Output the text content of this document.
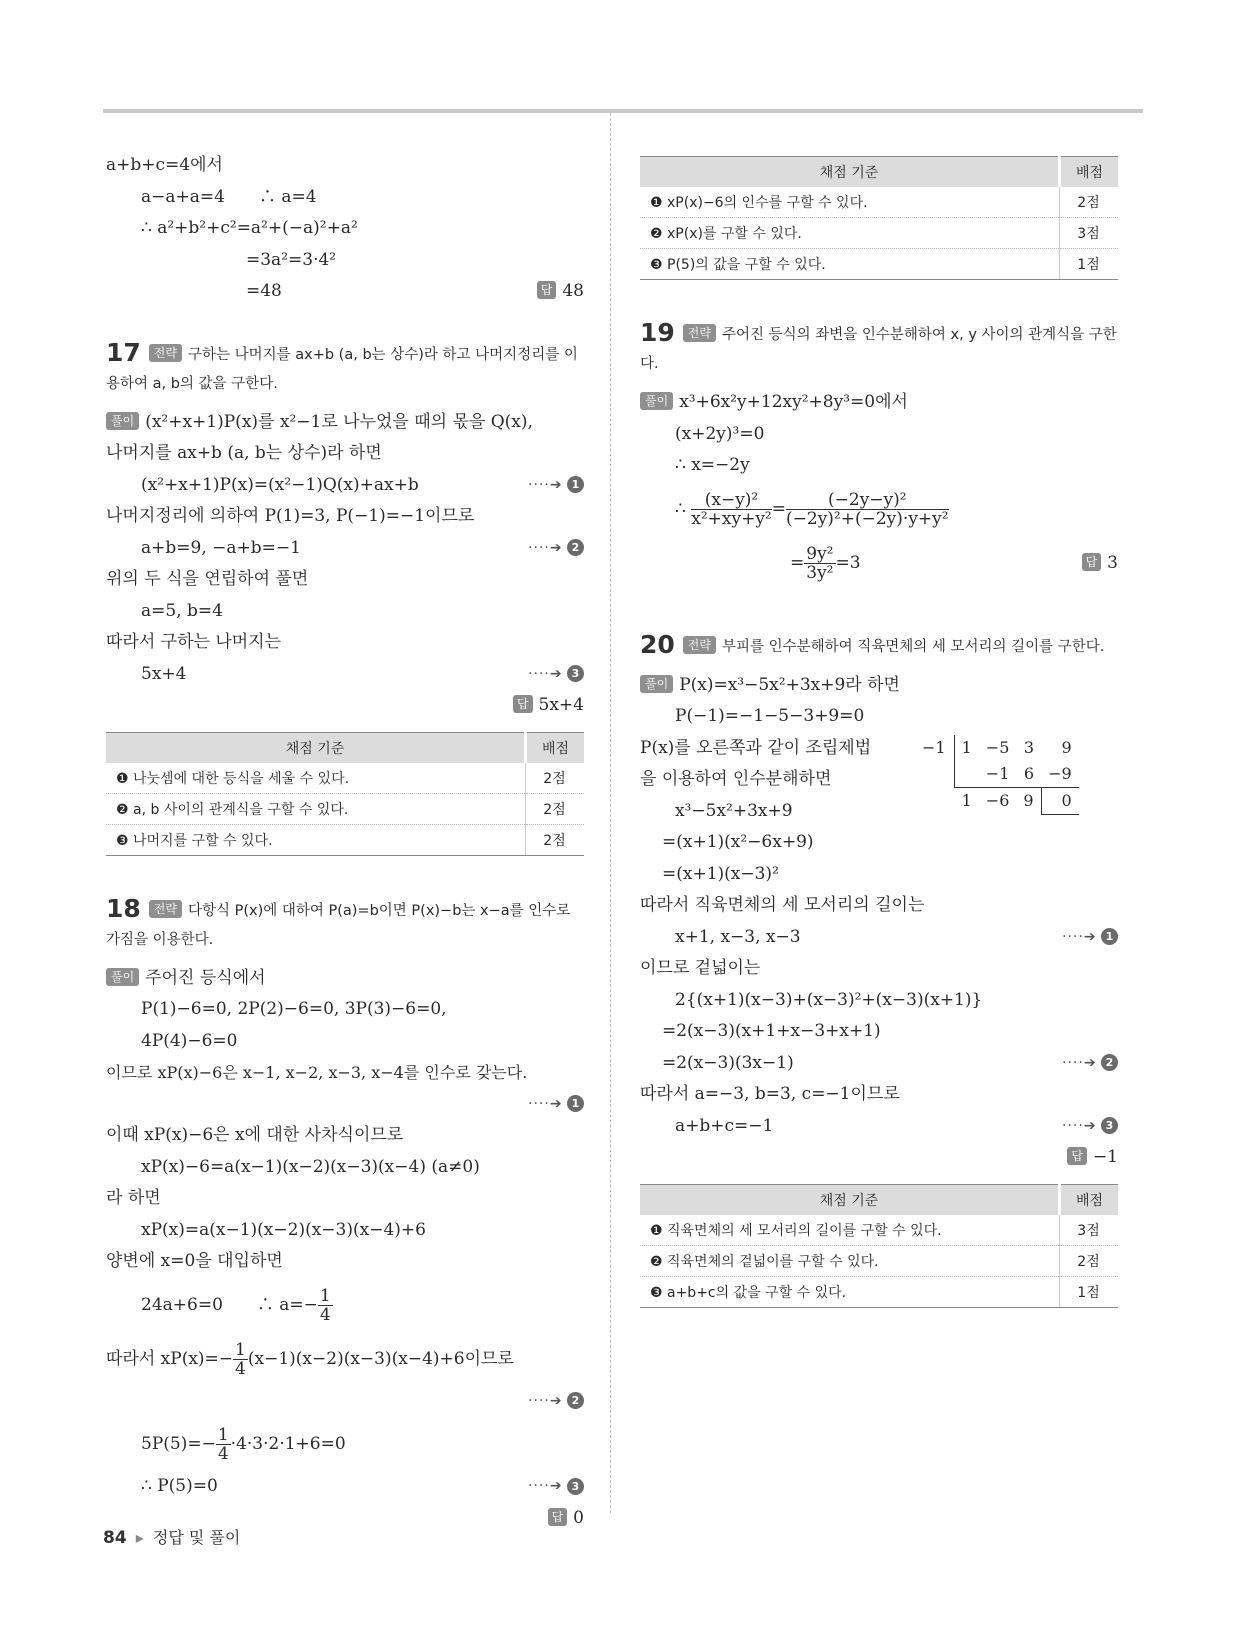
a+b+c=4에서
a−a+a=4　　∴ a=4
∴ a²+b²+c²=a²+(−a)²+a²
=3a²=3·4²
=48	답 48
17 전략 구하는 나머지를 ax+b (a, b는 상수)라 하고 나머지정리를 이용하여 a, b의 값을 구한다.
풀이 (x²+x+1)P(x)를 x²−1로 나누었을 때의 몫을 Q(x),
나머지를 ax+b (a, b는 상수)라 하면
(x²+x+1)P(x)=(x²−1)Q(x)+ax+b	····➔ 1
나머지정리에 의하여 P(1)=3, P(−1)=−1이므로
a+b=9, −a+b=−1	····➔ 2
위의 두 식을 연립하여 풀면
a=5, b=4
따라서 구하는 나머지는
5x+4	····➔ 3
답 5x+4
채점 기준	배점
❶ 나눗셈에 대한 등식을 세울 수 있다.	2점
❷ a, b 사이의 관계식을 구할 수 있다.	2점
❸ 나머지를 구할 수 있다.	2점
18 전략 다항식 P(x)에 대하여 P(a)=b이면 P(x)−b는 x−a를 인수로 가짐을 이용한다.
풀이 주어진 등식에서
P(1)−6=0, 2P(2)−6=0, 3P(3)−6=0,
4P(4)−6=0
이므로 xP(x)−6은 x−1, x−2, x−3, x−4를 인수로 갖는다.
····➔ 1
이때 xP(x)−6은 x에 대한 사차식이므로
xP(x)−6=a(x−1)(x−2)(x−3)(x−4) (a≠0)
라 하면
xP(x)=a(x−1)(x−2)(x−3)(x−4)+6
양변에 x=0을 대입하면
24a+6=0　　∴ $a=- \frac{1}{4}$
따라서 $xP(x)=- \frac{1}{4} (x-1)(x-2)(x-3)(x-4)+6$이므로
····➔ 2
$5P(5)=- \frac{1}{4} \cdot 4\cdot 3\cdot 2\cdot 1+6=0$
∴ P(5)=0	····➔ 3
답 0
채점 기준	배점
❶ xP(x)−6의 인수를 구할 수 있다.	2점
❷ xP(x)를 구할 수 있다.	3점
❸ P(5)의 값을 구할 수 있다.	1점
19 전략 주어진 등식의 좌변을 인수분해하여 x, y 사이의 관계식을 구한다.
풀이 x³+6x²y+12xy²+8y³=0에서
(x+2y)³=0
∴ x=−2y
∴ $\frac{\text{(x−y)²}}{\text{x²+xy+y²}} = \frac{\text{(−2y−y)²}}{\text{(−2y)²+(−2y)·y+y²}}$
= $\frac{\text{9y²}}{\text{3y²}} =3$	답 3
20 전략 부피를 인수분해하여 직육면체의 세 모서리의 길이를 구한다.
풀이 P(x)=x³−5x²+3x+9라 하면
P(−1)=−1−5−3+9=0
P(x)를 오른쪽과 같이 조립제법
을 이용하여 인수분해하면
x³−5x²+3x+9
−1	1	−5	3	9
		−1	6	−9
	1	−6	9	0
=(x+1)(x²−6x+9)
=(x+1)(x−3)²
따라서 직육면체의 세 모서리의 길이는
x+1, x−3, x−3	····➔ 1
이므로 겉넓이는
2{(x+1)(x−3)+(x−3)²+(x−3)(x+1)}
=2(x−3)(x+1+x−3+x+1)
=2(x−3)(3x−1)	····➔ 2
따라서 a=−3, b=3, c=−1이므로
a+b+c=−1	····➔ 3
답 −1
채점 기준	배점
❶ 직육면체의 세 모서리의 길이를 구할 수 있다.	3점
❷ 직육면체의 겉넓이를 구할 수 있다.	2점
❸ a+b+c의 값을 구할 수 있다.	1점
84 ▸ 정답 및 풀이
